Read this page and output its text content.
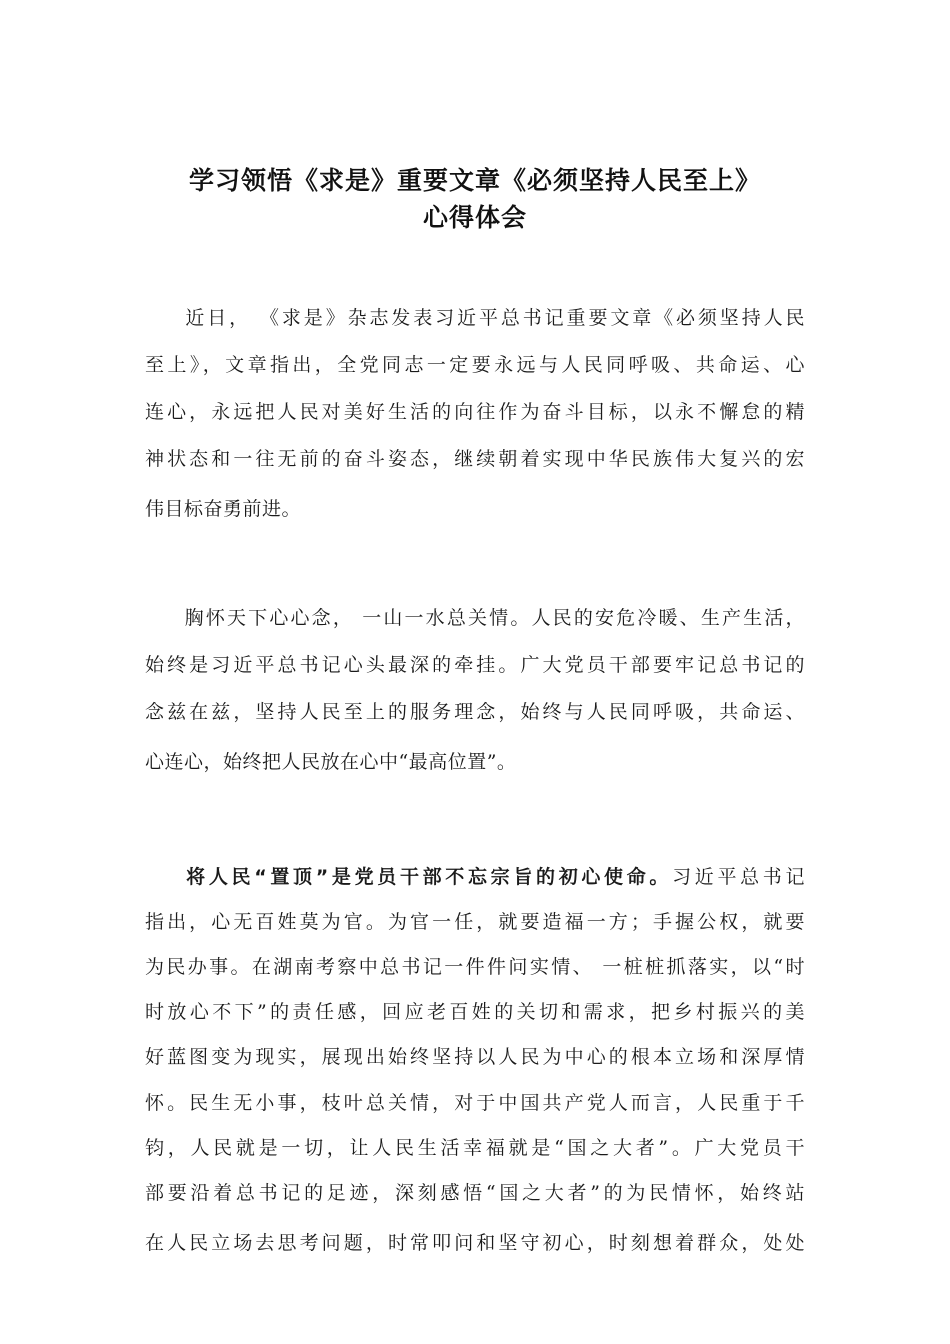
学习领悟《求是》重要文章《必须坚持人民至上》
心得体会
近日， 《求是》杂志发表习近平总书记重要文章《必须坚持人民
至上》，文章指出，全党同志一定要永远与人民同呼吸、共命运、心
连心，永远把人民对美好生活的向往作为奋斗目标，以永不懈怠的精
神状态和一往无前的奋斗姿态，继续朝着实现中华民族伟大复兴的宏
伟目标奋勇前进。
胸怀天下心心念， 一山一水总关情。人民的安危冷暖、生产生活，
始终是习近平总书记心头最深的牵挂。广大党员干部要牢记总书记的
念兹在兹，坚持人民至上的服务理念，始终与人民同呼吸，共命运、
心连心，始终把人民放在心中“最高位置”。
将人民“置顶”是党员干部不忘宗旨的初心使命。习近平总书记
指出，心无百姓莫为官。为官一任，就要造福一方；手握公权，就要
为民办事。在湖南考察中总书记一件件问实情、 一桩桩抓落实，以“时
时放心不下”的责任感，回应老百姓的关切和需求，把乡村振兴的美
好蓝图变为现实，展现出始终坚持以人民为中心的根本立场和深厚情
怀。民生无小事，枝叶总关情，对于中国共产党人而言，人民重于千
钧，人民就是一切，让人民生活幸福就是“国之大者”。广大党员干
部要沿着总书记的足迹，深刻感悟“国之大者”的为民情怀，始终站
在人民立场去思考问题，时常叩问和坚守初心，时刻想着群众，处处
